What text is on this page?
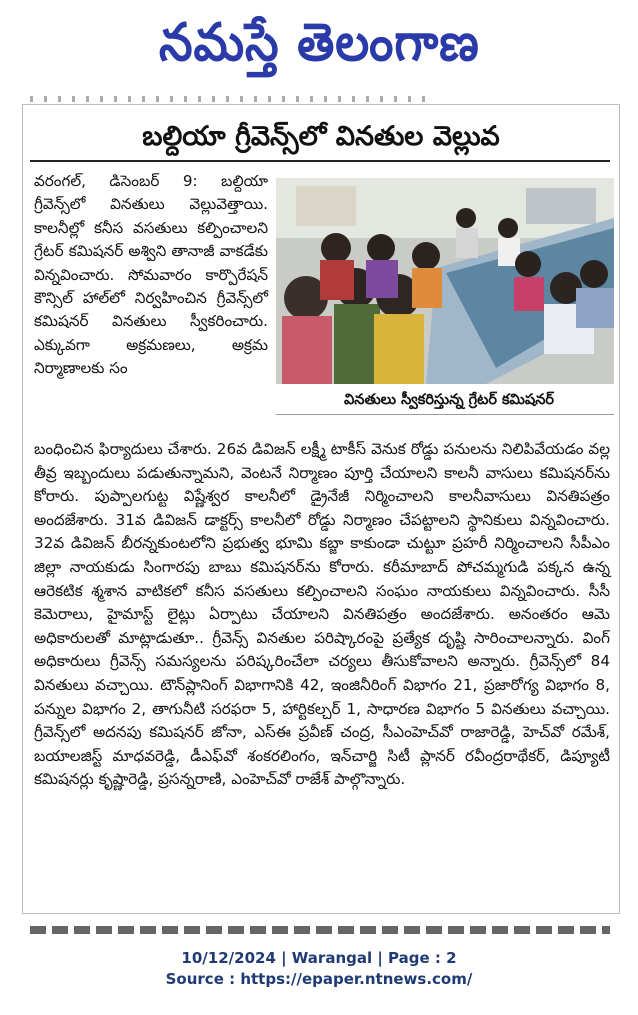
నమస్తే తెలంగాణ
బల్దియా గ్రీవెన్స్‌లో వినతుల వెల్లువ

వరంగల్, డిసెంబర్ 9: బల్దియా గ్రీవెన్స్‌లో వినతులు వెల్లువెత్తాయి. కాలనీల్లో కనీస వసతులు కల్పించాలని గ్రేటర్ కమిషనర్ అశ్విని తానాజీ వాకడేకు విన్నవించారు. సోమవారం కార్పొరేషన్ కౌన్సిల్ హాల్‌లో నిర్వహించిన గ్రీవెన్స్‌లో కమిషనర్ వినతులు స్వీకరించారు. ఎక్కువగా అక్రమణలు, అక్రమ నిర్మాణాలకు సం

వినతులు స్వీకరిస్తున్న గ్రేటర్ కమిషనర్

బంధించిన ఫిర్యాదులు చేశారు. 26వ డివిజన్ లక్ష్మీ టాకీస్ వెనుక రోడ్డు పనులను నిలిపివేయడం వల్ల తీవ్ర ఇబ్బందులు పడుతున్నామని, వెంటనే నిర్మాణం పూర్తి చేయాలని కాలనీ వాసులు కమిషనర్‌ను కోరారు. పుప్పాలగుట్ట విష్ణేశ్వర కాలనీలో డ్రైనేజీ నిర్మించాలని కాలనీవాసులు వినతిపత్రం అందజేశారు. 31వ డివిజన్ డాక్టర్స్ కాలనీలో రోడ్డు నిర్మాణం చేపట్టాలని స్థానికులు విన్నవించారు. 32వ డివిజన్ బీరన్నకుంటలోని ప్రభుత్వ భూమి కబ్జా కాకుండా చుట్టూ ప్రహరీ నిర్మించాలని సీపీఎం జిల్లా నాయకుడు సింగారపు బాబు కమిషనర్‌ను కోరారు. కరీమాబాద్ పోచమ్మగుడి పక్కన ఉన్న ఆరెకటిక శ్మశాన వాటికలో కనీస వసతులు కల్పించాలని సంఘం నాయకులు విన్నవించారు. సీసీ కెమెరాలు, హైమాస్ట్ లైట్లు ఏర్పాటు చేయాలని వినతిపత్రం అందజేశారు. అనంతరం ఆమె అధికారులతో మాట్లాడుతూ.. గ్రీవెన్స్ వినతుల పరిష్కారంపై ప్రత్యేక దృష్టి సారించాలన్నారు. వింగ్ అధికారులు గ్రీవెన్స్ సమస్యలను పరిష్కరించేలా చర్యలు తీసుకోవాలని అన్నారు. గ్రీవెన్స్‌లో 84 వినతులు వచ్చాయి. టౌన్‌ప్లానింగ్ విభాగానికి 42, ఇంజినీరింగ్ విభాగం 21, ప్రజారోగ్య విభాగం 8, పన్నుల విభాగం 2, తాగునీటి సరఫరా 5, హార్టికల్చర్ 1, సాధారణ విభాగం 5 వినతులు వచ్చాయి. గ్రీవెన్స్‌లో అదనపు కమిషనర్ జోనా, ఎస్‌ఈ ప్రవీణ్ చంద్ర, సీఎంహెచ్‌వో రాజారెడ్డి, హెచ్‌వో రమేశ్, బయాలజిస్ట్ మాధవరెడ్డి, డీఎఫ్‌వో శంకరలింగం, ఇన్‌చార్జి సిటీ ప్లానర్ రవీంద్రరాథేకర్, డిప్యూటీ కమిషనర్లు కృష్ణారెడ్డి, ప్రసన్నరాణి, ఎంహెచ్‌వో రాజేశ్ పాల్గొన్నారు.

10/12/2024 | Warangal | Page : 2
Source : https://epaper.ntnews.com/
